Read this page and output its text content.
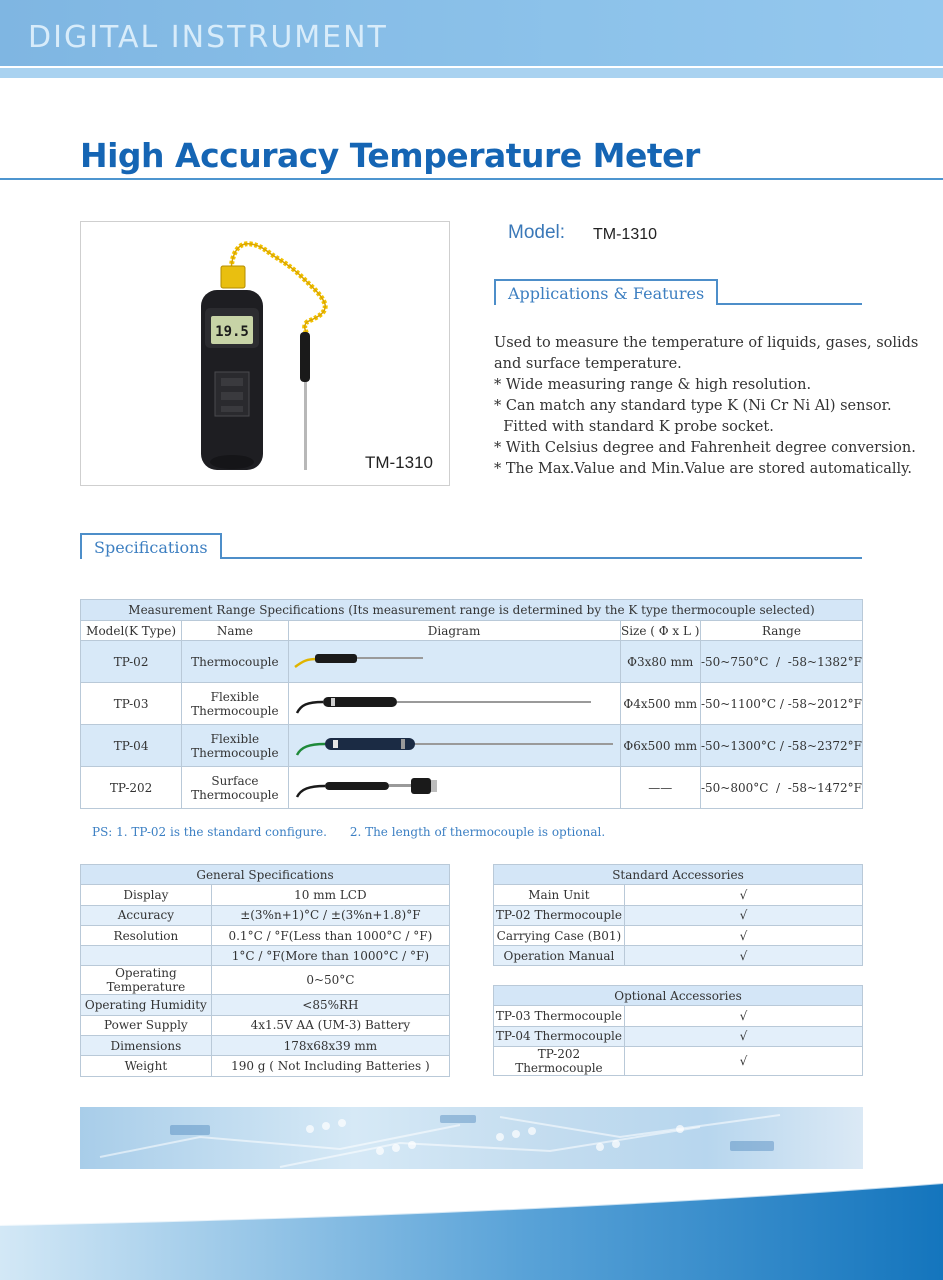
DIGITAL INSTRUMENT
High Accuracy Temperature Meter
19.5
TM-1310
Model: TM-1310
Applications & Features
Used to measure the temperature of liquids, gases, solids
and surface temperature.
* Wide measuring range & high resolution.
* Can match any standard type K (Ni Cr Ni Al) sensor.
Fitted with standard K probe socket.
* With Celsius degree and Fahrenheit degree conversion.
* The Max.Value and Min.Value are stored automatically.
Specifications
Measurement Range Specifications (Its measurement range is determined by the K type thermocouple selected)				
Model(K Type)	Name	Diagram	Size ( Φ x L )	Range
TP-02	Thermocouple		Φ3x80 mm	-50~750°C  /  -58~1382°F
TP-03	Flexible
Thermocouple		Φ4x500 mm	-50~1100°C / -58~2012°F
TP-04	Flexible
Thermocouple		Φ6x500 mm	-50~1300°C / -58~2372°F
TP-202	Surface
Thermocouple		——	-50~800°C  /  -58~1472°F
PS: 1. TP-02 is the standard configure.      2. The length of thermocouple is optional.
General Specifications	
Display	10 mm LCD
Accuracy	±(3%n+1)°C / ±(3%n+1.8)°F
Resolution	0.1°C / °F(Less than 1000°C / °F)
	1°C / °F(More than 1000°C / °F)
Operating Temperature	0~50°C
Operating Humidity	<85%RH
Power Supply	4x1.5V AA (UM-3) Battery
Dimensions	178x68x39 mm
Weight	190 g ( Not Including Batteries )
Standard Accessories	
Main Unit	√
TP-02 Thermocouple	√
Carrying Case (B01)	√
Operation Manual	√
Optional Accessories	
TP-03 Thermocouple	√
TP-04 Thermocouple	√
TP-202 Thermocouple	√
